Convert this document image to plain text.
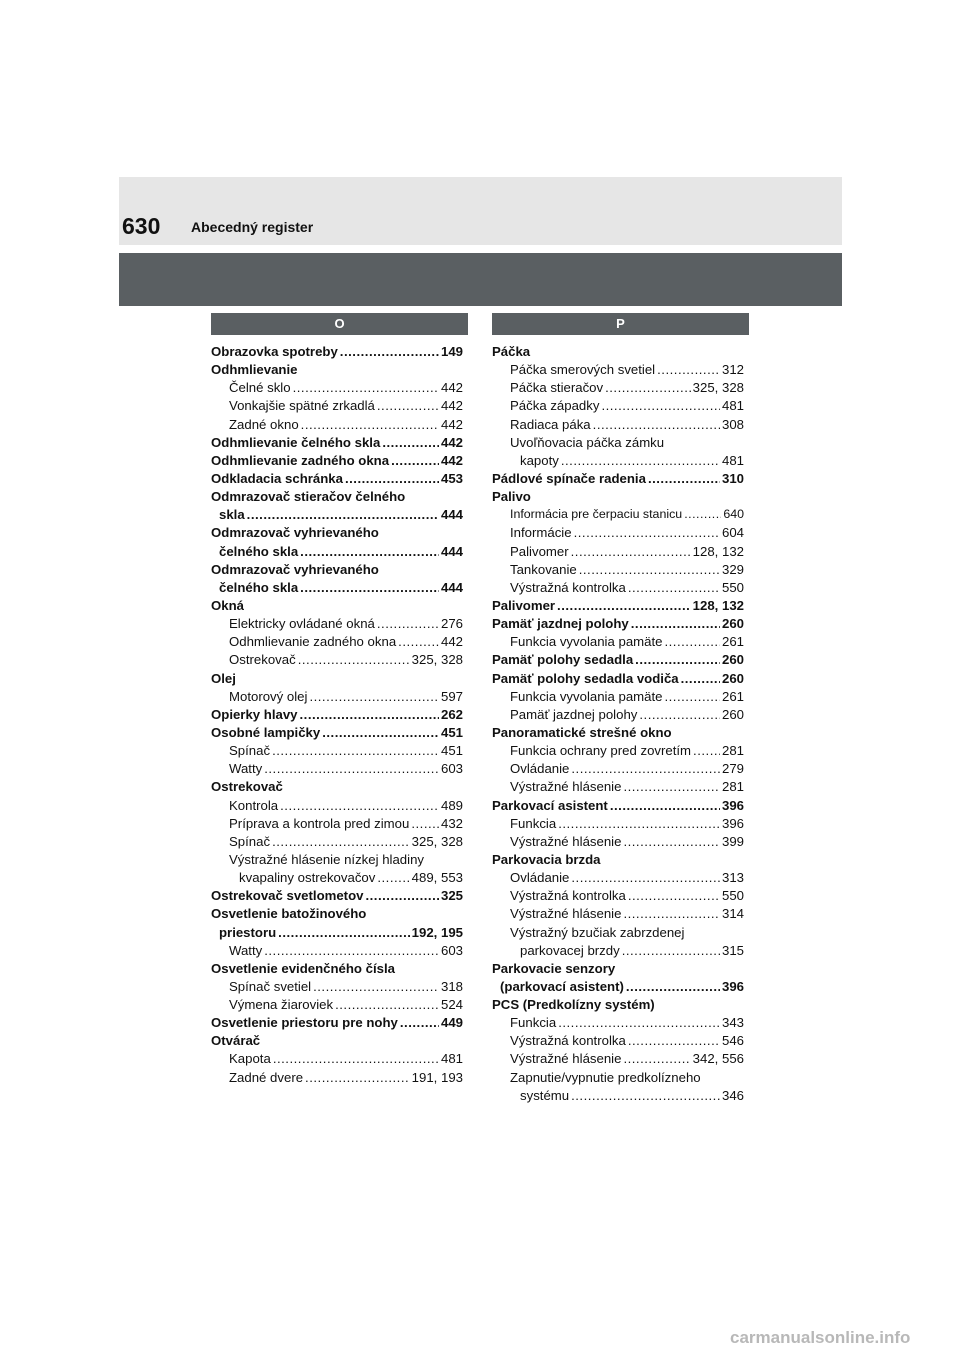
630 Abecedný register
O	P
Obrazovka spotreby .....	149
Odhmlievanie
Čelné sklo .....	442
Vonkajšie spätné zrkadlá .....	442
Zadné okno .....	442
Odhmlievanie čelného skla .....	442
Odhmlievanie zadného okna .....	442
Odkladacia schránka .....	453
Odmrazovač stieračov čelného
skla .....	444
Odmrazovač vyhrievaného
čelného skla .....	444
Odmrazovač vyhrievaného
čelného skla .....	444
Okná
Elektricky ovládané okná .....	276
Odhmlievanie zadného okna .....	442
Ostrekovač .....	325, 328
Olej
Motorový olej .....	597
Opierky hlavy .....	262
Osobné lampičky .....	451
Spínač .....	451
Watty .....	603
Ostrekovač
Kontrola .....	489
Príprava a kontrola pred zimou ..... 432
Spínač .....	325, 328
Výstražné hlásenie nízkej hladiny
kvapaliny ostrekovačov .....	489, 553
Ostrekovač svetlometov .....	325
Osvetlenie batožinového
priestoru .....	192, 195
Watty .....	603
Osvetlenie evidenčného čísla
Spínač svetiel .....	318
Výmena žiaroviek .....	524
Osvetlenie priestoru pre nohy .....	449
Otvárač
Kapota .....	481
Zadné dvere .....	191, 193
Páčka
Páčka smerových svetiel .....	312
Páčka stieračov .....	325, 328
Páčka západky .....	481
Radiaca páka .....	308
Uvoľňovacia páčka zámku
kapoty .....	481
Pádlové spínače radenia .....	310
Palivo
Informácia pre čerpaciu stanicu .....	640
Informácie .....	604
Palivomer .....	128, 132
Tankovanie .....	329
Výstražná kontrolka .....	550
Palivomer .....	128, 132
Pamäť jazdnej polohy .....	260
Funkcia vyvolania pamäte .....	261
Pamäť polohy sedadla .....	260
Pamäť polohy sedadla vodiča .....	260
Funkcia vyvolania pamäte .....	261
Pamäť jazdnej polohy .....	260
Panoramatické strešné okno
Funkcia ochrany pred zovretím ..... 281
Ovládanie .....	279
Výstražné hlásenie .....	281
Parkovací asistent .....	396
Funkcia .....	396
Výstražné hlásenie .....	399
Parkovacia brzda
Ovládanie .....	313
Výstražná kontrolka .....	550
Výstražné hlásenie .....	314
Výstražný bzučiak zabrzdenej
parkovacej brzdy .....	315
Parkovacie senzory
(parkovací asistent) .....	396
PCS (Predkolízny systém)
Funkcia .....	343
Výstražná kontrolka .....	546
Výstražné hlásenie .....	342, 556
Zapnutie/vypnutie predkolízneho
systému .....	346
carmanualsonline.info
